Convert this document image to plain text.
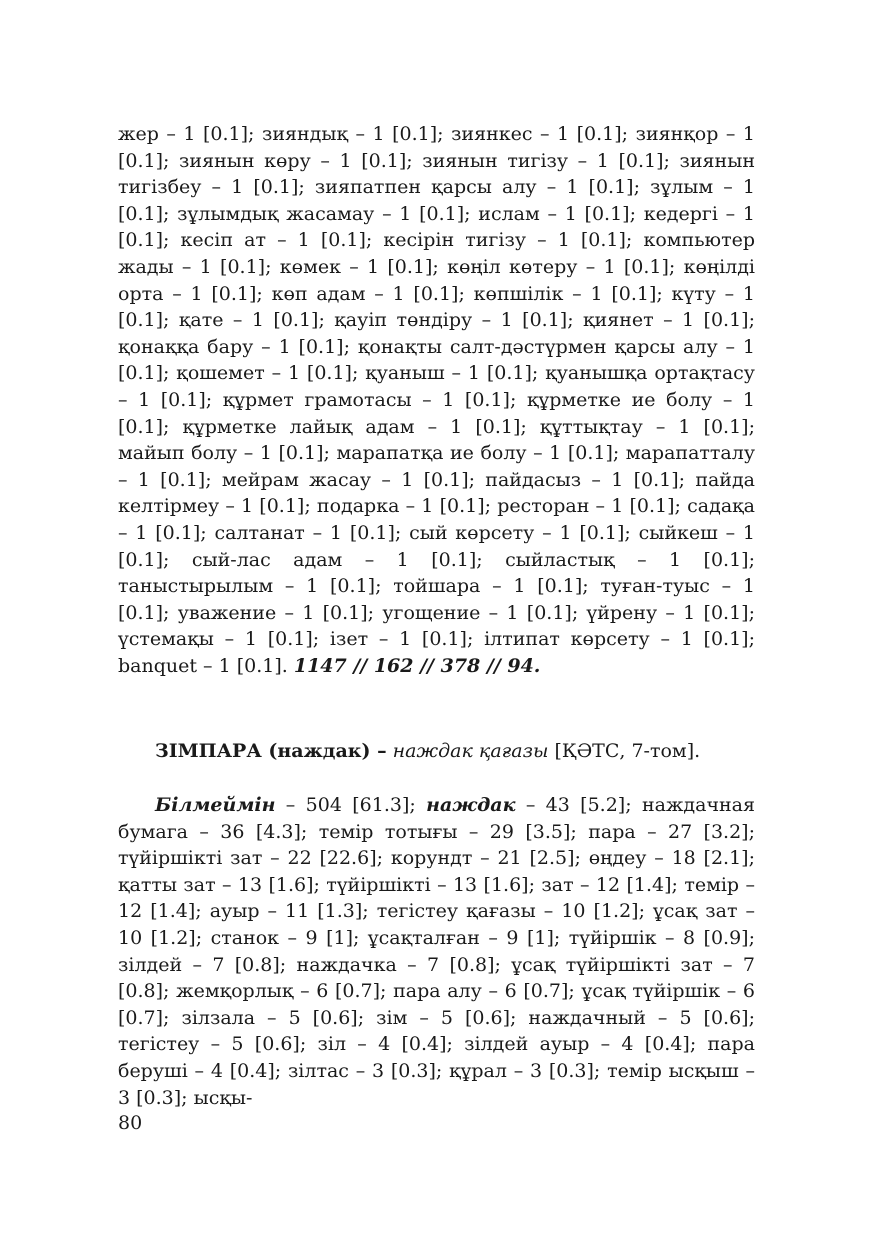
жер – 1 [0.1]; зияндық – 1 [0.1]; зиянкес – 1 [0.1]; зиянқор – 1 [0.1]; зиянын көру – 1 [0.1]; зиянын тигізу – 1 [0.1]; зиянын тигізбеу – 1 [0.1]; зияпатпен қарсы алу – 1 [0.1]; зұлым – 1 [0.1]; зұлымдық жасамау – 1 [0.1]; ислам – 1 [0.1]; кедергі – 1 [0.1]; кесіп ат – 1 [0.1]; кесірін тигізу – 1 [0.1]; компьютер жады – 1 [0.1]; көмек – 1 [0.1]; көңіл көтеру – 1 [0.1]; көңілді орта – 1 [0.1]; көп адам – 1 [0.1]; көпшілік – 1 [0.1]; күту – 1 [0.1]; қате – 1 [0.1]; қауіп төндіру – 1 [0.1]; қиянет – 1 [0.1]; қонаққа бару – 1 [0.1]; қонақты салт-дәстүрмен қарсы алу – 1 [0.1]; қошемет – 1 [0.1]; қуаныш – 1 [0.1]; қуанышқа ортақтасу – 1 [0.1]; құрмет грамотасы – 1 [0.1]; құрметке ие болу – 1 [0.1]; құрметке лайық адам – 1 [0.1]; құттықтау – 1 [0.1]; майып болу – 1 [0.1]; марапатқа ие болу – 1 [0.1]; марапатталу – 1 [0.1]; мейрам жасау – 1 [0.1]; пайдасыз – 1 [0.1]; пайда келтірмеу – 1 [0.1]; подарка – 1 [0.1]; ресторан – 1 [0.1]; садақа – 1 [0.1]; салтанат – 1 [0.1]; сый көрсету – 1 [0.1]; сыйкеш – 1 [0.1]; сый-лас адам – 1 [0.1]; сыйластық – 1 [0.1]; таныстырылым – 1 [0.1]; тойшара – 1 [0.1]; туған-туыс – 1 [0.1]; уважение – 1 [0.1]; угощение – 1 [0.1]; үйрену – 1 [0.1]; үстемақы – 1 [0.1]; ізет – 1 [0.1]; ілтипат көрсету – 1 [0.1]; banquet – 1 [0.1]. 1147 // 162 // 378 // 94.
ЗІМПАРА (наждак) – наждак қағазы [ҚӘТС, 7-том].
Білмеймін – 504 [61.3]; наждак – 43 [5.2]; наждачная бумага – 36 [4.3]; темір тотығы – 29 [3.5]; пара – 27 [3.2]; түйіршікті зат – 22 [22.6]; корундт – 21 [2.5]; өңдеу – 18 [2.1]; қатты зат – 13 [1.6]; түйіршікті – 13 [1.6]; зат – 12 [1.4]; темір – 12 [1.4]; ауыр – 11 [1.3]; тегістеу қағазы – 10 [1.2]; ұсақ зат – 10 [1.2]; станок – 9 [1]; ұсақталған – 9 [1]; түйіршік – 8 [0.9]; зілдей – 7 [0.8]; наждачка – 7 [0.8]; ұсақ түйіршікті зат – 7 [0.8]; жемқорлық – 6 [0.7]; пара алу – 6 [0.7]; ұсақ түйіршік – 6 [0.7]; зілзала – 5 [0.6]; зім – 5 [0.6]; наждачный – 5 [0.6]; тегістеу – 5 [0.6]; зіл – 4 [0.4]; зілдей ауыр – 4 [0.4]; пара беруші – 4 [0.4]; зілтас – 3 [0.3]; құрал – 3 [0.3]; темір ысқыш – 3 [0.3]; ысқы-
80
